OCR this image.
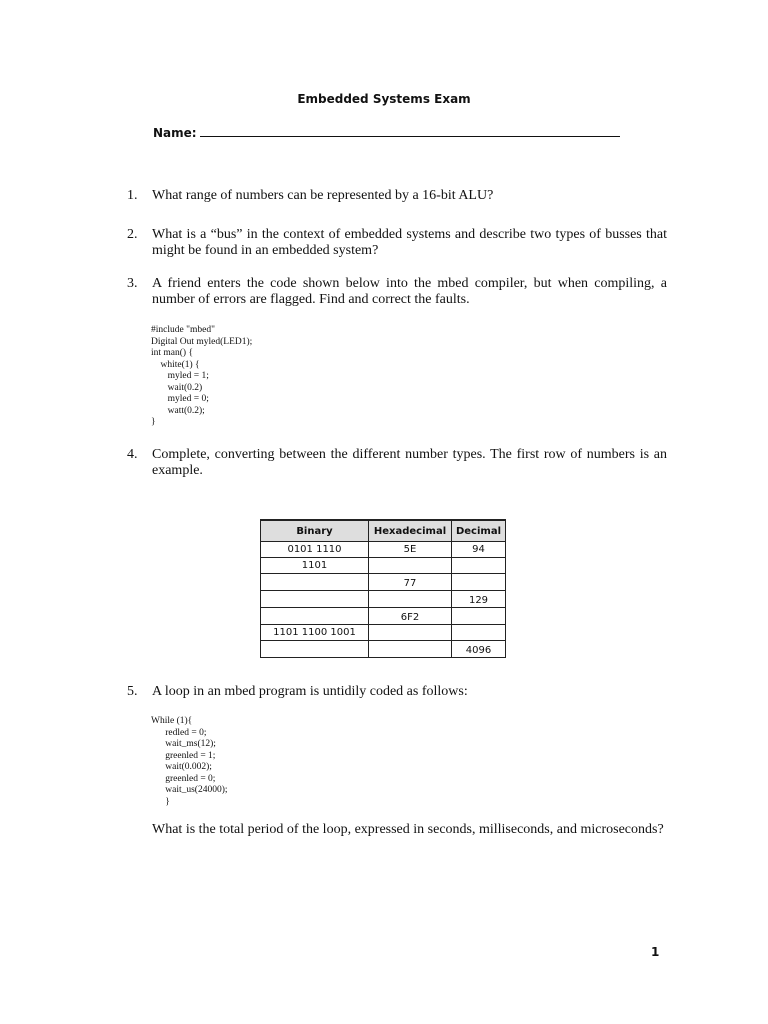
Embedded Systems Exam
Name:
1. What range of numbers can be represented by a 16-bit ALU?
2. What is a “bus” in the context of embedded systems and describe two types of busses that might be found in an embedded system?
3. A friend enters the code shown below into the mbed compiler, but when compiling, a number of errors are flagged. Find and correct the faults.
#include "mbed"
Digital Out myled(LED1);
int man() {
white(1) {
myled = 1;
wait(0.2)
myled = 0;
watt(0.2);
}
4. Complete, converting between the different number types. The first row of numbers is an example.
Binary	Hexadecimal	Decimal
0101 1110	5E	94
1101		
	77	
		129
	6F2	
1101 1100 1001		
		4096
5. A loop in an mbed program is untidily coded as follows:
While (1){
redled = 0;
wait_ms(12);
greenled = 1;
wait(0.002);
greenled = 0;
wait_us(24000);
}
What is the total period of the loop, expressed in seconds, milliseconds, and microseconds?
1
